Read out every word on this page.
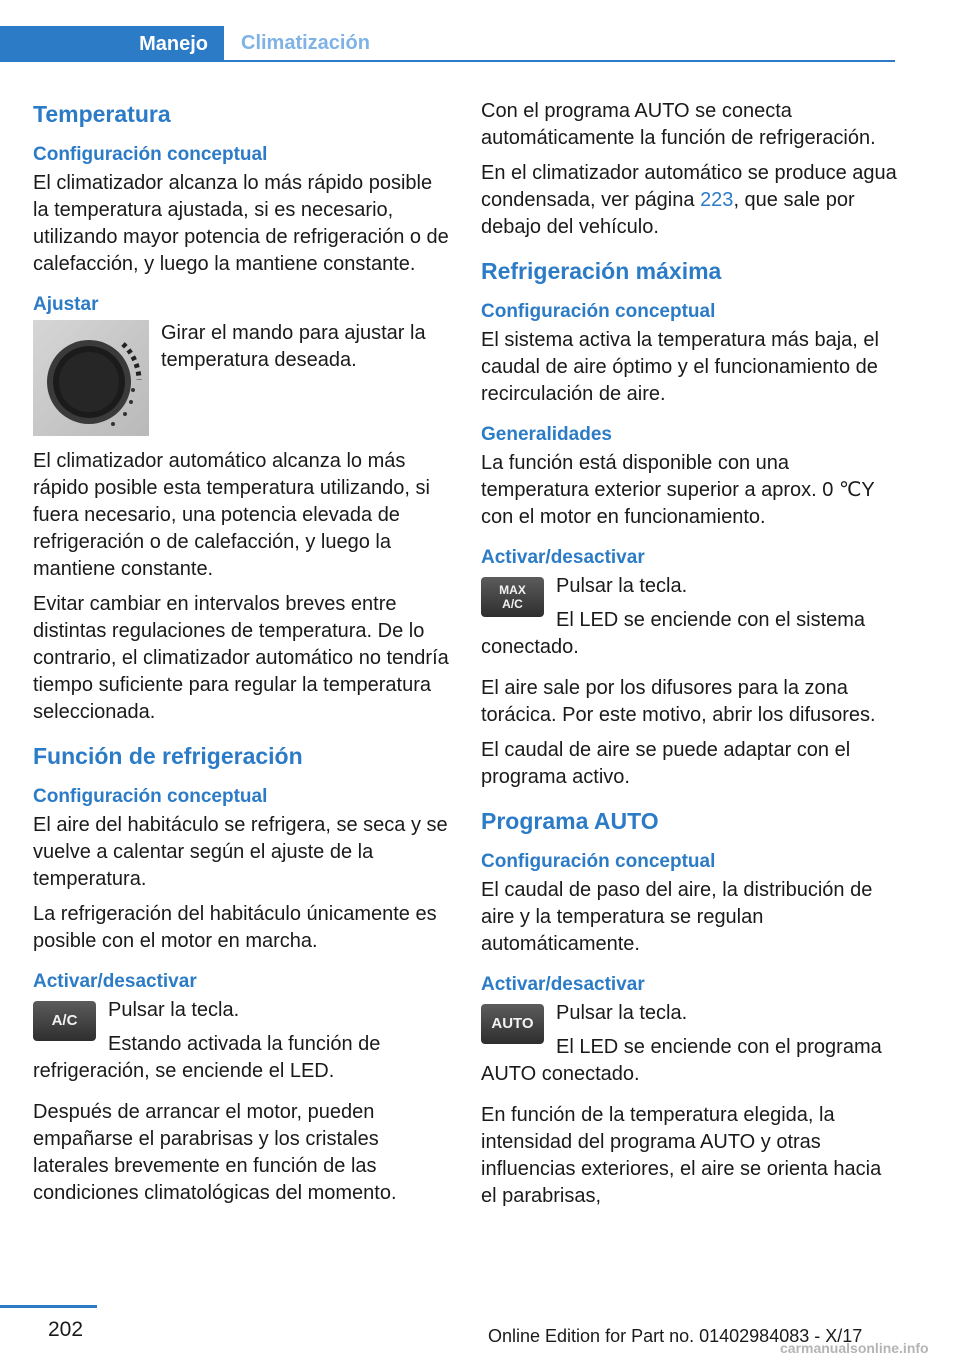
Manejo	Climatización
Temperatura
Configuración conceptual

El climatizador alcanza lo más rápido posible la temperatura ajustada, si es necesario, utilizando mayor potencia de refrigeración o de calefacción, y luego la mantiene constante.

Ajustar
Girar el mando para ajustar la temperatura deseada.

El climatizador automático alcanza lo más rápido posible esta temperatura utilizando, si fuera necesario, una potencia elevada de refrigeración o de calefacción, y luego la mantiene constante.

Evitar cambiar en intervalos breves entre distintas regulaciones de temperatura. De lo contrario, el climatizador automático no tendría tiempo suficiente para regular la temperatura seleccionada.

Función de refrigeración
Configuración conceptual

El aire del habitáculo se refrigera, se seca y se vuelve a calentar según el ajuste de la temperatura.

La refrigeración del habitáculo únicamente es posible con el motor en marcha.

Activar/desactivar
A/C	Pulsar la tecla.

Estando activada la función de refrigeración, se enciende el LED.

Después de arrancar el motor, pueden empañarse el parabrisas y los cristales laterales brevemente en función de las condiciones climatológicas del momento.

Con el programa AUTO se conecta automáticamente la función de refrigeración.

En el climatizador automático se produce agua condensada, ver página 223, que sale por debajo del vehículo.

Refrigeración máxima
Configuración conceptual

El sistema activa la temperatura más baja, el caudal de aire óptimo y el funcionamiento de recirculación de aire.

Generalidades

La función está disponible con una temperatura exterior superior a aprox. 0 ℃Y con el motor en funcionamiento.

Activar/desactivar
MAX
A/C
Pulsar la tecla.

El LED se enciende con el sistema conectado.

El aire sale por los difusores para la zona torácica. Por este motivo, abrir los difusores.

El caudal de aire se puede adaptar con el programa activo.

Programa AUTO
Configuración conceptual

El caudal de paso del aire, la distribución de aire y la temperatura se regulan automáticamente.

Activar/desactivar
AUTO	Pulsar la tecla.

El LED se enciende con el programa AUTO conectado.

En función de la temperatura elegida, la intensidad del programa AUTO y otras influencias exteriores, el aire se orienta hacia el parabrisas,

202	Online Edition for Part no. 01402984083 - X/17
carmanualsonline.info
